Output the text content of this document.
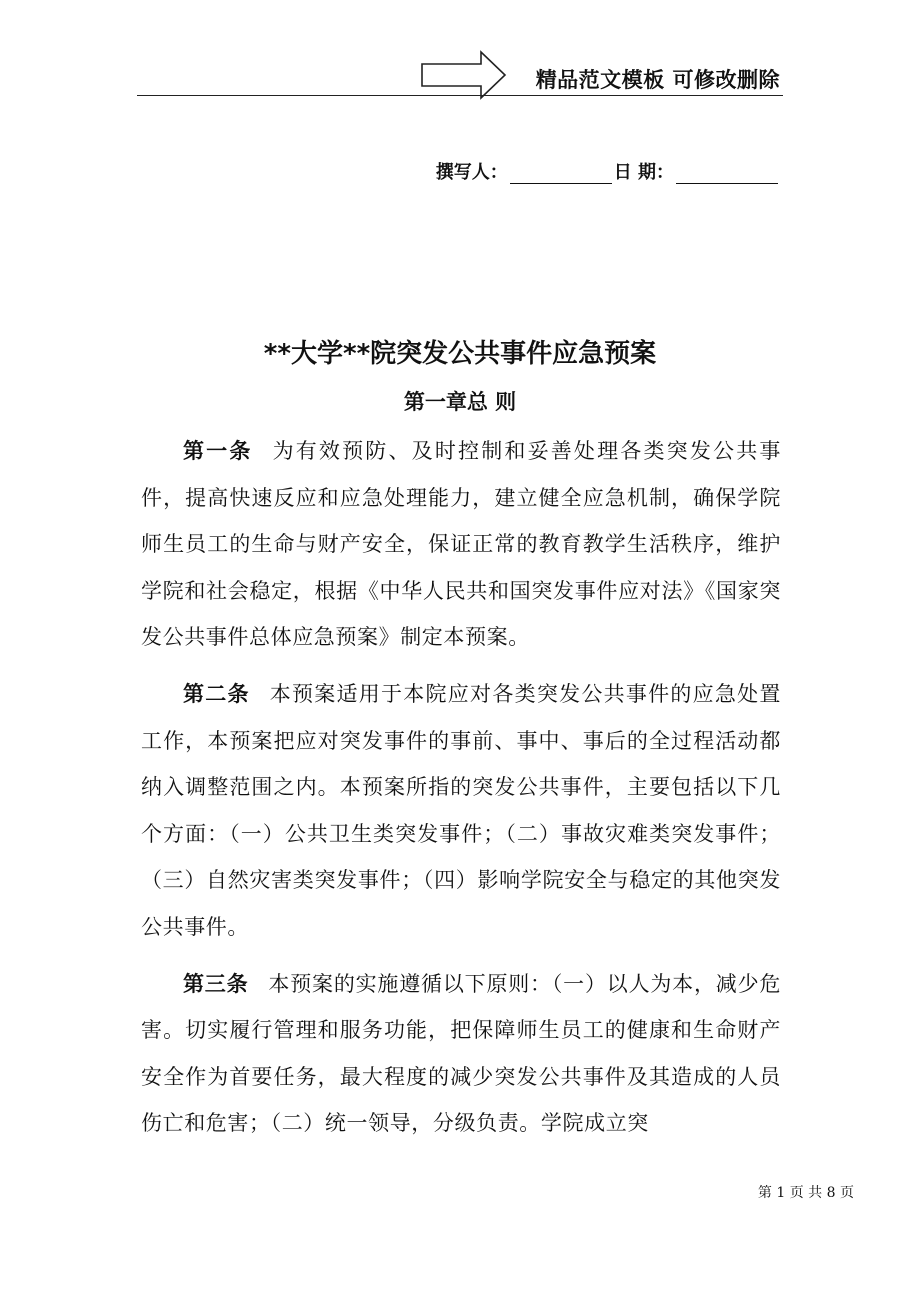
精品范文模板 可修改删除
撰写人：	日 期：
**大学**院突发公共事件应急预案
第一章总 则

第一条 为有效预防、及时控制和妥善处理各类突发公共事件，提高快速反应和应急处理能力，建立健全应急机制，确保学院师生员工的生命与财产安全，保证正常的教育教学生活秩序，维护学院和社会稳定，根据《中华人民共和国突发事件应对法》《国家突发公共事件总体应急预案》制定本预案。

第二条 本预案适用于本院应对各类突发公共事件的应急处置工作，本预案把应对突发事件的事前、事中、事后的全过程活动都纳入调整范围之内。本预案所指的突发公共事件，主要包括以下几个方面：（一）公共卫生类突发事件；（二）事故灾难类突发事件；（三）自然灾害类突发事件；（四）影响学院安全与稳定的其他突发公共事件。

第三条 本预案的实施遵循以下原则：（一）以人为本，减少危害。切实履行管理和服务功能，把保障师生员工的健康和生命财产安全作为首要任务，最大程度的减少突发公共事件及其造成的人员伤亡和危害；（二）统一领导，分级负责。学院成立突

第 1 页 共 8 页
